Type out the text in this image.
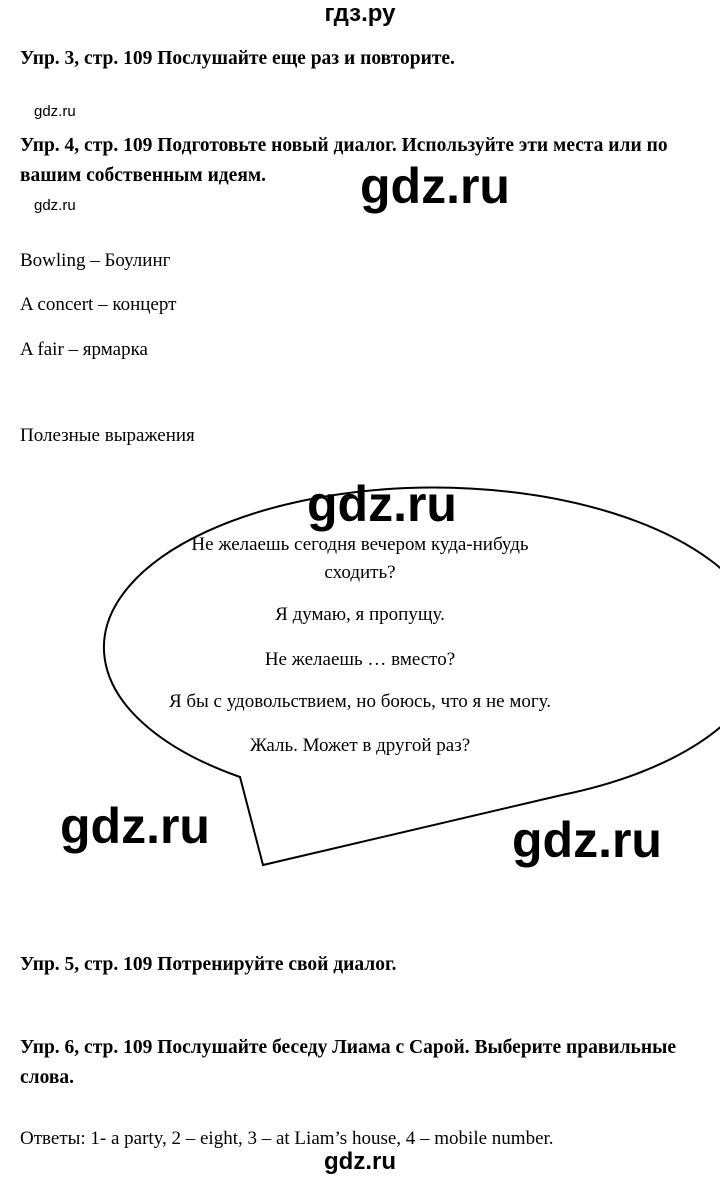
гдз.ру
Упр. 3, стр. 109 Послушайте еще раз и повторите.
gdz.ru
Упр. 4, стр. 109 Подготовьте новый диалог. Используйте эти места или по вашим собственным идеям.	gdz.ru
gdz.ru
Bowling – Боулинг
A concert – концерт
A fair – ярмарка
Полезные выражения
gdz.ru
Не желаешь сегодня вечером куда-нибудь
сходить?
Я думаю, я пропущу.
Не желаешь … вместо?
Я бы с удовольствием, но боюсь, что я не могу.
Жаль. Может в другой раз?
gdz.ru	gdz.ru
Упр. 5, стр. 109 Потренируйте свой диалог.
Упр. 6, стр. 109 Послушайте беседу Лиама с Сарой. Выберите правильные слова.
Ответы: 1- a party, 2 – eight, 3 – at Liam’s house, 4 – mobile number.
gdz.ru
